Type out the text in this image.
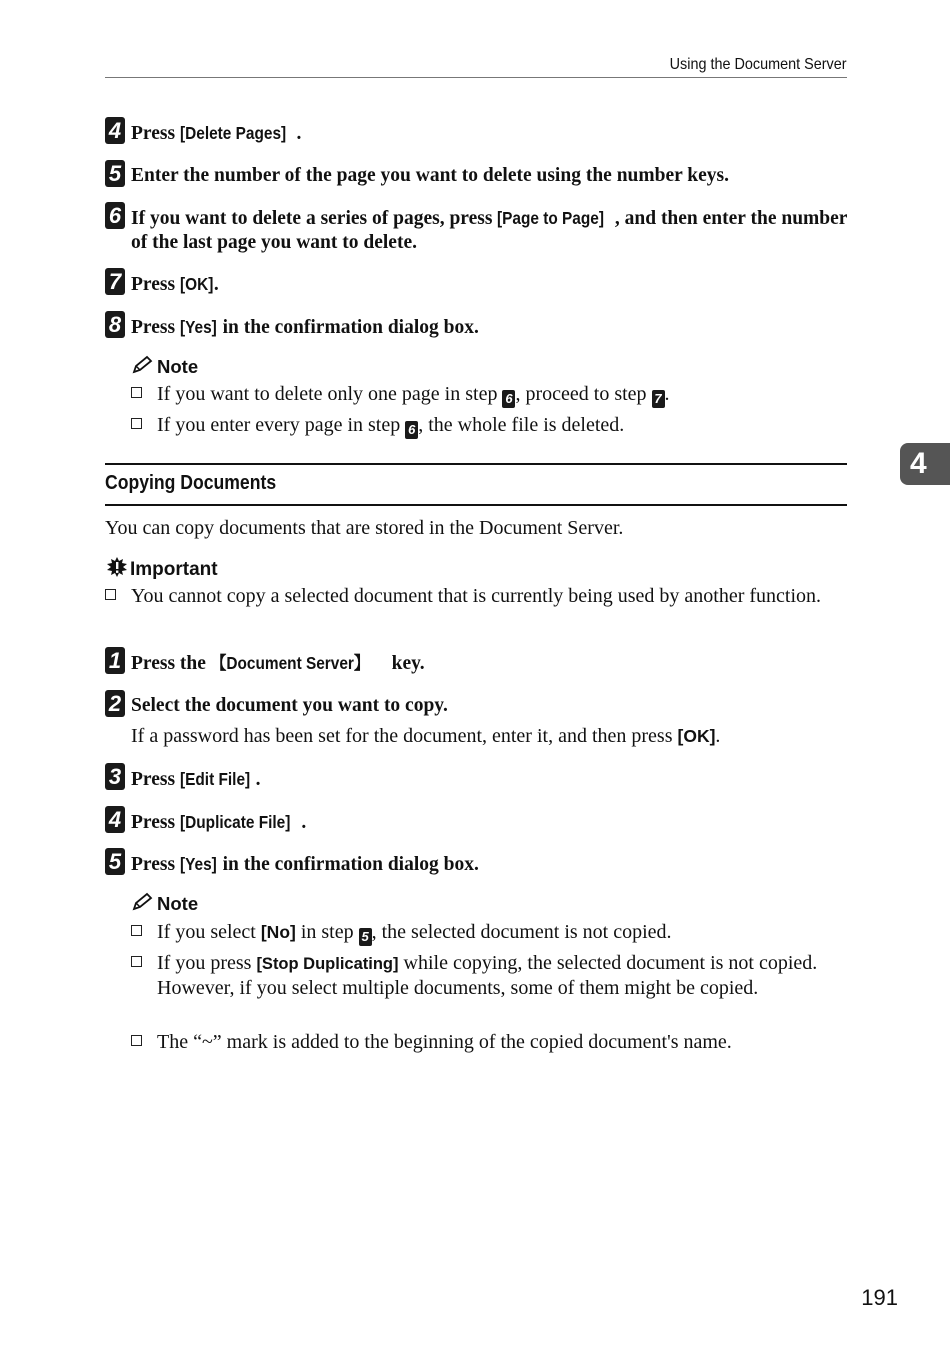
Using the Document Server
4 Press [Delete Pages] .
5 Enter the number of the page you want to delete using the number keys.
6 If you want to delete a series of pages, press [Page to Page] , and then enter the number of the last page you want to delete.
7 Press [OK].
8 Press [Yes] in the confirmation dialog box.
Note
If you want to delete only one page in step 6 , proceed to step 7 .
If you enter every page in step 6 , the whole file is deleted.
4
Copying Documents
You can copy documents that are stored in the Document Server.
Important
You cannot copy a selected document that is currently being used by another function.
1 Press the 【Document Server】 key.
2 Select the document you want to copy.
If a password has been set for the document, enter it, and then press [OK].
3 Press [Edit File] .
4 Press [Duplicate File] .
5 Press [Yes] in the confirmation dialog box.
Note
If you select [No] in step 5 , the selected document is not copied.
If you press [Stop Duplicating] while copying, the selected document is not copied. However, if you select multiple documents, some of them might be copied.
The “~” mark is added to the beginning of the copied document's name.
191
